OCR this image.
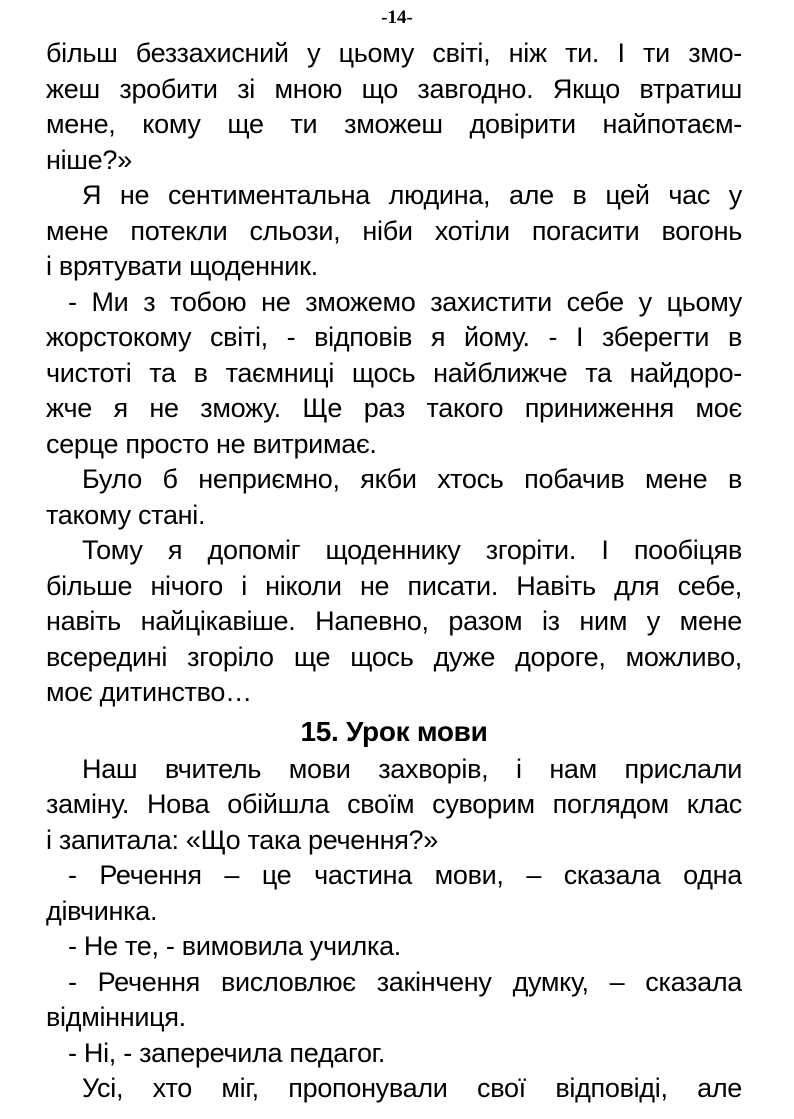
-14-
більш беззахисний у цьому світі, ніж ти. І ти змо-
жеш зробити зі мною що завгодно. Якщо втратиш
мене, кому ще ти зможеш довірити найпотаєм-
ніше?»
Я не сентиментальна людина, але в цей час у
мене потекли сльози, ніби хотіли погасити вогонь
і врятувати щоденник.
- Ми з тобою не зможемо захистити себе у цьому
жорстокому світі, - відповів я йому. - І зберегти в
чистоті та в таємниці щось найближче та найдоро-
жче я не зможу. Ще раз такого приниження моє
серце просто не витримає.
Було б неприємно, якби хтось побачив мене в
такому стані.
Тому я допоміг щоденнику згоріти. І пообіцяв
більше нічого і ніколи не писати. Навіть для себе,
навіть найцікавіше. Напевно, разом із ним у мене
всередині згоріло ще щось дуже дороге, можливо,
моє дитинство…
15. Урок мови
Наш вчитель мови захворів, і нам прислали
заміну. Нова обійшла своїм суворим поглядом клас
і запитала: «Що така речення?»
- Речення – це частина мови, – сказала одна
дівчинка.
- Не те, - вимовила училка.
- Речення висловлює закінчену думку, – сказала
відмінниця.
- Ні, - заперечила педагог.
Усі, хто міг, пропонували свої відповіді, але
